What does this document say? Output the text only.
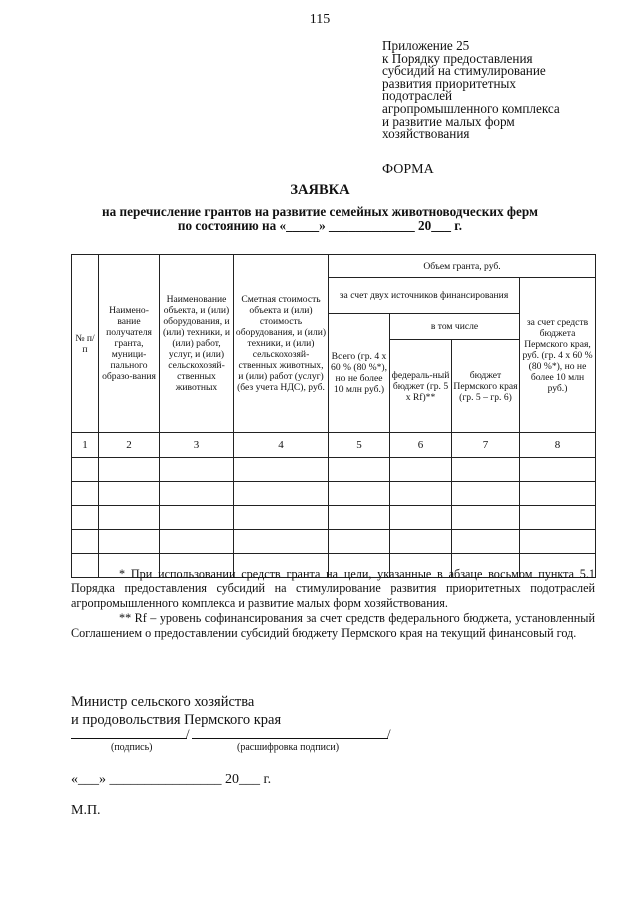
115
Приложение 25
к Порядку предоставления
субсидий на стимулирование
развития приоритетных
подотраслей
агропромышленного комплекса
и развитие малых форм
хозяйствования
ФОРМА
ЗАЯВКА
на перечисление грантов на развитие семейных животноводческих ферм
по состоянию на «_____» _____________ 20___ г.
№ п/п	Наимено-вание получателя гранта, муници-пального образо-вания	Наименование объекта, и (или) оборудования, и (или) техники, и (или) работ, услуг, и (или) сельскохозяй-ственных животных	Сметная стоимость объекта и (или) стоимость оборудования, и (или) техники, и (или) сельскохозяй-ственных животных, и (или) работ (услуг) (без учета НДС), руб.	Объем гранта, руб.			
				за счет двух источников финансирования			за счет средств бюджета Пермского края, руб. (гр. 4 х 60 % (80 %*), но не более 10 млн руб.)
				Всего (гр. 4 х 60 % (80 %*), но не более 10 млн руб.)	в том числе		
					федераль-ный бюджет (гр. 5 х Rf)**	бюджет Пермского края (гр. 5 – гр. 6)	
1	2	3	4	5	6	7	8

* При использовании средств гранта на цели, указанные в абзаце восьмом пункта 5.1 Порядка предоставления субсидий на стимулирование развития приоритетных подотраслей агропромышленного комплекса и развитие малых форм хозяйствования.

** Rf – уровень софинансирования за счет средств федерального бюджета, установленный Соглашением о предоставлении субсидий бюджету Пермского края на текущий финансовый год.

Министр сельского хозяйства
и продовольствия Пермского края
/	/
(подпись)	(расшифровка подписи)
«___» ________________ 20___ г.
М.П.
